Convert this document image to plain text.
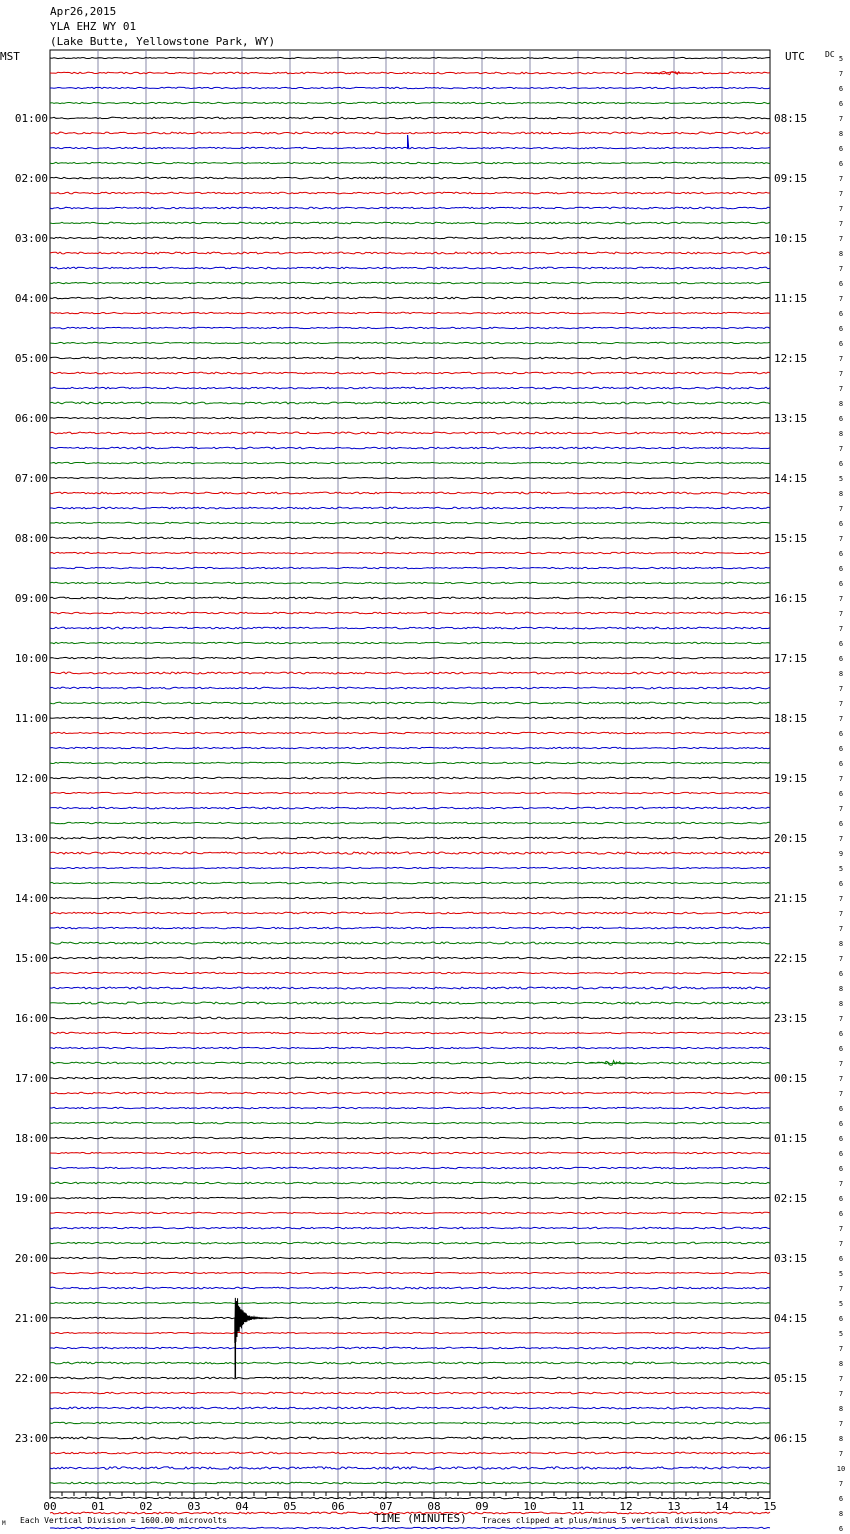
Apr26,2015
YLA EHZ WY 01
(Lake Butte, Yellowstone Park, WY)
MST	UTC	DC
Each Vertical Division = 1600.00 microvolts	TIME (MINUTES) Traces clipped at plus/minus 5 vertical divisions
M
01:00
02:00
03:00
04:00
05:00
06:00
07:00
08:00
09:00
10:00
11:00
12:00
13:00
14:00
15:00
16:00
17:00
18:00
19:00
20:00
21:00
22:00
23:00
08:15
09:15
10:15
11:15
12:15
13:15
14:15
15:15
16:15
17:15
18:15
19:15
20:15
21:15
22:15
23:15
00:15
01:15
02:15
03:15
04:15
05:15
06:15
5
7
6
6
7
8
6
6
7
7
7
7
7
8
7
6
7
6
6
6
7
7
7
8
6
8
7
6
5
8
7
6
7
6
6
6
7
7
7
6
6
8
7
7
7
6
6
6
7
6
7
6
7
9
5
6
7
7
7
8
7
6
8
8
7
6
6
7
7
7
6
6
6
6
6
7
6
6
7
7
6
5
7
5
6
5
7
8
7
7
8
7
8
7
10
7
6
8
6
00	01	02	03	04	05	06	07	08	09	10	11	12	13	14	15
